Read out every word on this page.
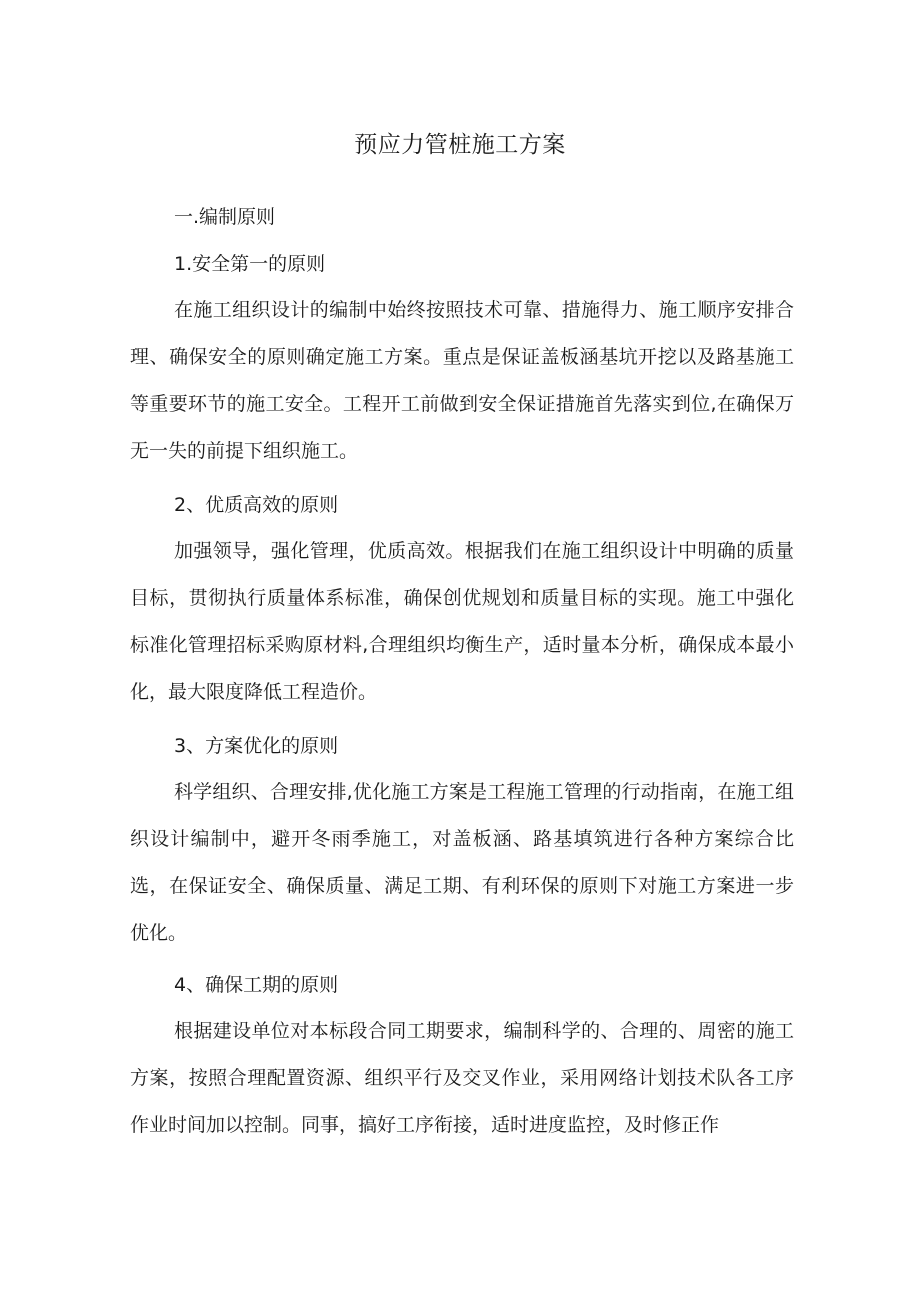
预应力管桩施工方案
一.编制原则
1.安全第一的原则

在施工组织设计的编制中始终按照技术可靠、措施得力、施工顺序安排合理、确保安全的原则确定施工方案。重点是保证盖板涵基坑开挖以及路基施工等重要环节的施工安全。工程开工前做到安全保证措施首先落实到位,在确保万无一失的前提下组织施工。

2、优质高效的原则

加强领导，强化管理，优质高效。根据我们在施工组织设计中明确的质量目标，贯彻执行质量体系标准，确保创优规划和质量目标的实现。施工中强化标准化管理招标采购原材料,合理组织均衡生产，适时量本分析，确保成本最小化，最大限度降低工程造价。

3、方案优化的原则

科学组织、合理安排,优化施工方案是工程施工管理的行动指南，在施工组织设计编制中，避开冬雨季施工，对盖板涵、路基填筑进行各种方案综合比选，在保证安全、确保质量、满足工期、有利环保的原则下对施工方案进一步优化。

4、确保工期的原则

根据建设单位对本标段合同工期要求，编制科学的、合理的、周密的施工方案，按照合理配置资源、组织平行及交叉作业，采用网络计划技术队各工序作业时间加以控制。同事，搞好工序衔接，适时进度监控，及时修正作
